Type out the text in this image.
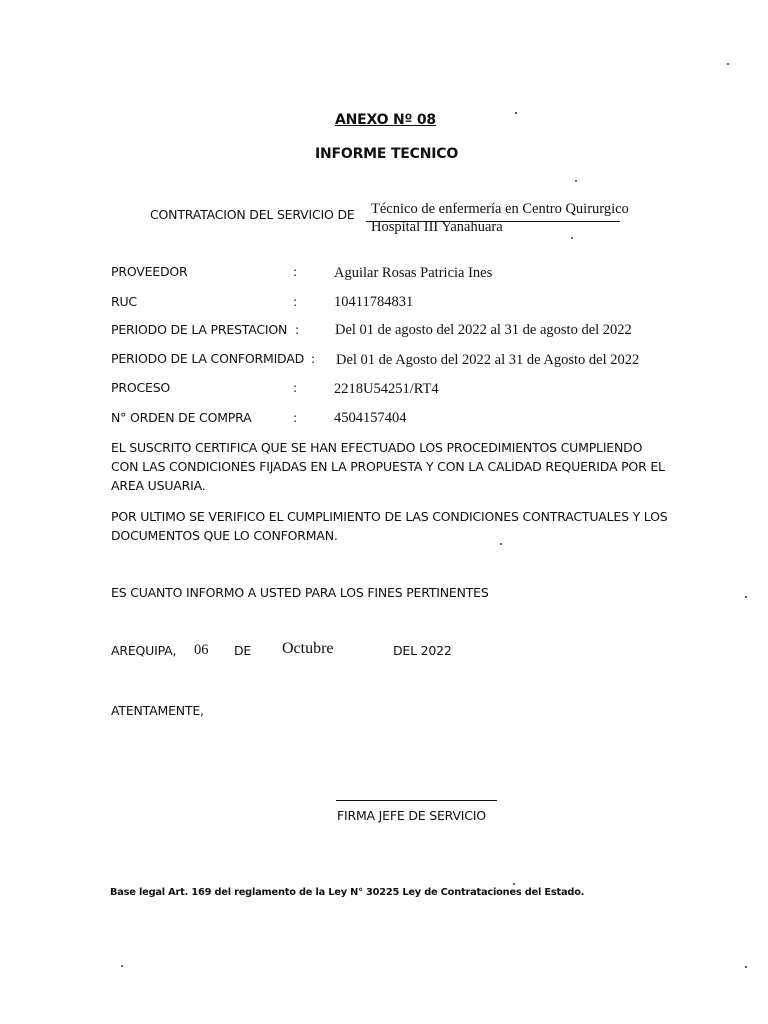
ANEXO Nº 08
INFORME TECNICO
CONTRATACION DEL SERVICIO DE Técnico de enfermería en Centro Quirurgico
Hospital III Yanahuara
PROVEEDOR	:	Aguilar Rosas Patricia Ines
RUC	:	10411784831
PERIODO DE LA PRESTACION : Del 01 de agosto del 2022 al 31 de agosto del 2022
PERIODO DE LA CONFORMIDAD : Del 01 de Agosto del 2022 al 31 de Agosto del 2022
PROCESO	:	2218U54251/RT4
N° ORDEN DE COMPRA	:	4504157404
EL SUSCRITO CERTIFICA QUE SE HAN EFECTUADO LOS PROCEDIMIENTOS CUMPLIENDO CON LAS CONDICIONES FIJADAS EN LA PROPUESTA Y CON LA CALIDAD REQUERIDA POR EL AREA USUARIA.
POR ULTIMO SE VERIFICO EL CUMPLIMIENTO DE LAS CONDICIONES CONTRACTUALES Y LOS DOCUMENTOS QUE LO CONFORMAN.
ES CUANTO INFORMO A USTED PARA LOS FINES PERTINENTES
AREQUIPA, 06 DE Octubre	DEL 2022
ATENTAMENTE,
FIRMA JEFE DE SERVICIO
Base legal Art. 169 del reglamento de la Ley N° 30225 Ley de Contrataciones del Estado.
